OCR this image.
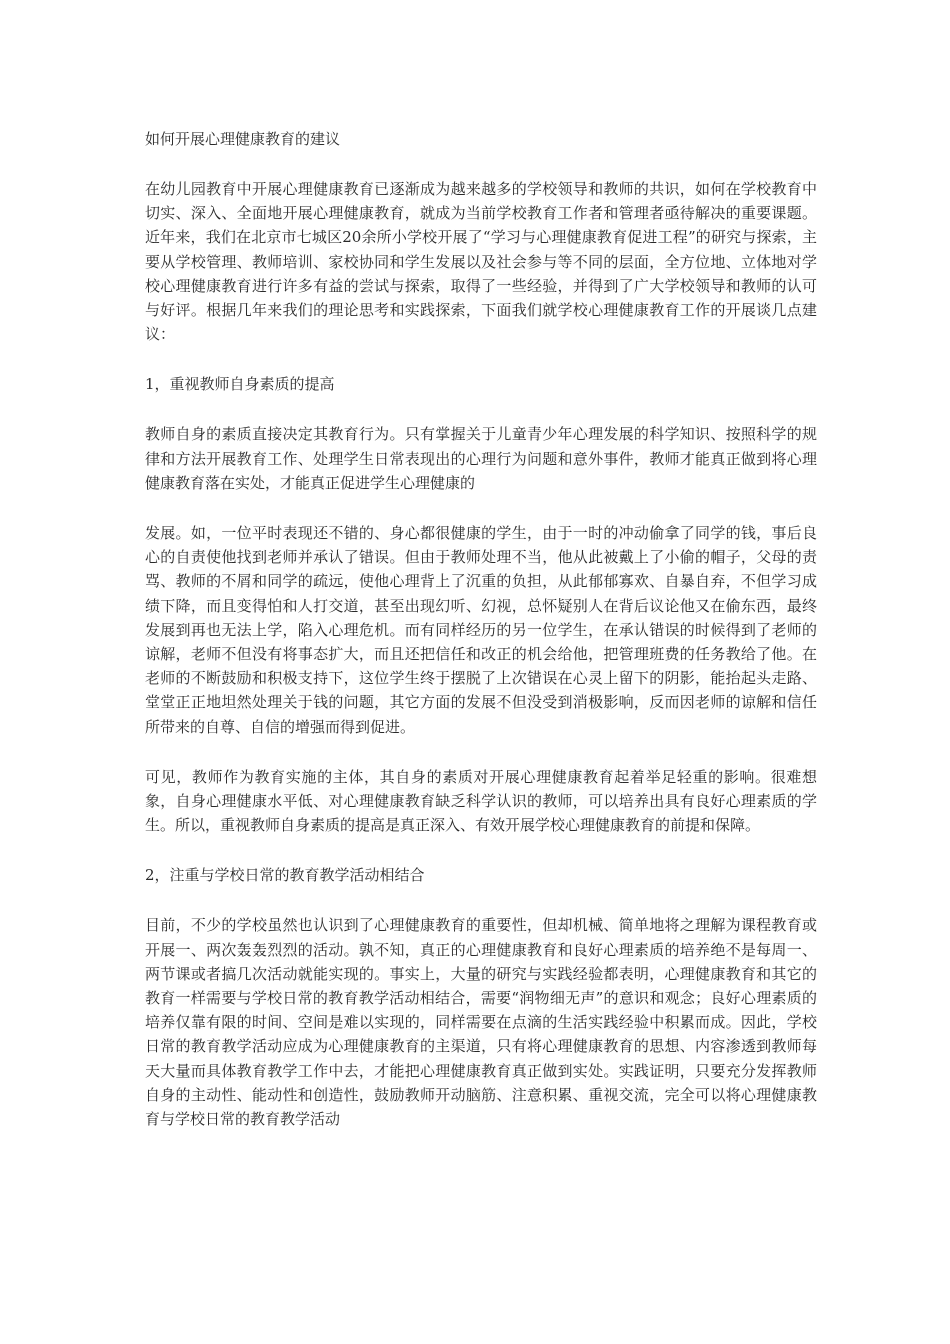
如何开展心理健康教育的建议

在幼儿园教育中开展心理健康教育已逐渐成为越来越多的学校领导和教师的共识，如何在学校教育中切实、深入、全面地开展心理健康教育，就成为当前学校教育工作者和管理者亟待解决的重要课题。近年来，我们在北京市七城区20余所小学校开展了“学习与心理健康教育促进工程”的研究与探索，主要从学校管理、教师培训、家校协同和学生发展以及社会参与等不同的层面，全方位地、立体地对学校心理健康教育进行许多有益的尝试与探索，取得了一些经验，并得到了广大学校领导和教师的认可与好评。根据几年来我们的理论思考和实践探索，下面我们就学校心理健康教育工作的开展谈几点建议：

1，重视教师自身素质的提高

教师自身的素质直接决定其教育行为。只有掌握关于儿童青少年心理发展的科学知识、按照科学的规律和方法开展教育工作、处理学生日常表现出的心理行为问题和意外事件，教师才能真正做到将心理健康教育落在实处，才能真正促进学生心理健康的

发展。如，一位平时表现还不错的、身心都很健康的学生，由于一时的冲动偷拿了同学的钱，事后良心的自责使他找到老师并承认了错误。但由于教师处理不当，他从此被戴上了小偷的帽子，父母的责骂、教师的不屑和同学的疏远，使他心理背上了沉重的负担，从此郁郁寡欢、自暴自弃，不但学习成绩下降，而且变得怕和人打交道，甚至出现幻听、幻视，总怀疑别人在背后议论他又在偷东西，最终发展到再也无法上学，陷入心理危机。而有同样经历的另一位学生，在承认错误的时候得到了老师的谅解，老师不但没有将事态扩大，而且还把信任和改正的机会给他，把管理班费的任务教给了他。在老师的不断鼓励和积极支持下，这位学生终于摆脱了上次错误在心灵上留下的阴影，能抬起头走路、堂堂正正地坦然处理关于钱的问题，其它方面的发展不但没受到消极影响，反而因老师的谅解和信任所带来的自尊、自信的增强而得到促进。

可见，教师作为教育实施的主体，其自身的素质对开展心理健康教育起着举足轻重的影响。很难想象，自身心理健康水平低、对心理健康教育缺乏科学认识的教师，可以培养出具有良好心理素质的学生。所以，重视教师自身素质的提高是真正深入、有效开展学校心理健康教育的前提和保障。

2，注重与学校日常的教育教学活动相结合

目前，不少的学校虽然也认识到了心理健康教育的重要性，但却机械、简单地将之理解为课程教育或开展一、两次轰轰烈烈的活动。孰不知，真正的心理健康教育和良好心理素质的培养绝不是每周一、两节课或者搞几次活动就能实现的。事实上，大量的研究与实践经验都表明，心理健康教育和其它的教育一样需要与学校日常的教育教学活动相结合，需要“润物细无声”的意识和观念；良好心理素质的培养仅靠有限的时间、空间是难以实现的，同样需要在点滴的生活实践经验中积累而成。因此，学校日常的教育教学活动应成为心理健康教育的主渠道，只有将心理健康教育的思想、内容渗透到教师每天大量而具体教育教学工作中去，才能把心理健康教育真正做到实处。实践证明，只要充分发挥教师自身的主动性、能动性和创造性，鼓励教师开动脑筋、注意积累、重视交流，完全可以将心理健康教育与学校日常的教育教学活动
